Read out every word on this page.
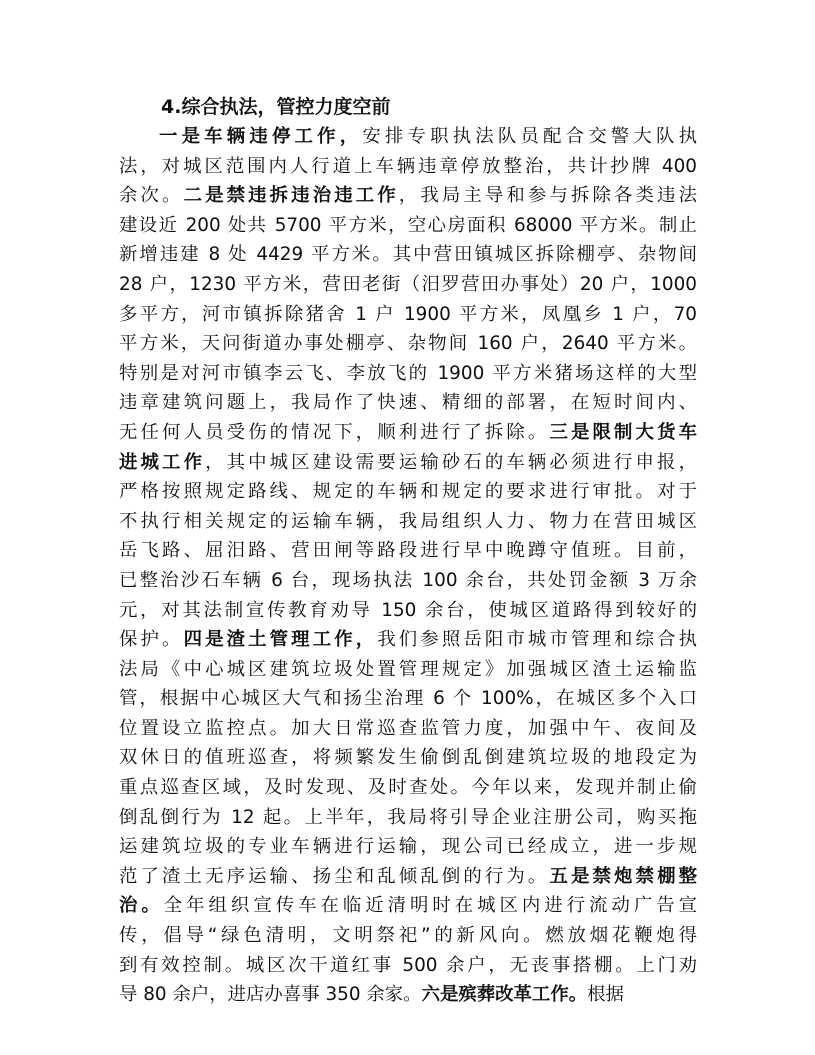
4.综合执法，管控力度空前
一是车辆违停工作，安排专职执法队员配合交警大队执
法，对城区范围内人行道上车辆违章停放整治，共计抄牌 400
余次。二是禁违拆违治违工作，我局主导和参与拆除各类违法
建设近 200 处共 5700 平方米，空心房面积 68000 平方米。制止
新增违建 8 处 4429 平方米。其中营田镇城区拆除棚亭、杂物间
28 户，1230 平方米，营田老街（汨罗营田办事处）20 户，1000
多平方，河市镇拆除猪舍 1 户 1900 平方米，凤凰乡 1 户，70
平方米，天问街道办事处棚亭、杂物间 160 户，2640 平方米。
特别是对河市镇李云飞、李放飞的 1900 平方米猪场这样的大型
违章建筑问题上，我局作了快速、精细的部署，在短时间内、
无任何人员受伤的情况下，顺利进行了拆除。三是限制大货车
进城工作，其中城区建设需要运输砂石的车辆必须进行申报，
严格按照规定路线、规定的车辆和规定的要求进行审批。对于
不执行相关规定的运输车辆，我局组织人力、物力在营田城区
岳飞路、屈汨路、营田闸等路段进行早中晚蹲守值班。目前，
已整治沙石车辆 6 台，现场执法 100 余台，共处罚金额 3 万余
元，对其法制宣传教育劝导 150 余台，使城区道路得到较好的
保护。四是渣土管理工作，我们参照岳阳市城市管理和综合执
法局《中心城区建筑垃圾处置管理规定》加强城区渣土运输监
管，根据中心城区大气和扬尘治理 6 个 100%，在城区多个入口
位置设立监控点。加大日常巡查监管力度，加强中午、夜间及
双休日的值班巡查，将频繁发生偷倒乱倒建筑垃圾的地段定为
重点巡查区域，及时发现、及时查处。今年以来，发现并制止偷
倒乱倒行为 12 起。上半年，我局将引导企业注册公司，购买拖
运建筑垃圾的专业车辆进行运输，现公司已经成立，进一步规
范了渣土无序运输、扬尘和乱倾乱倒的行为。五是禁炮禁棚整
治。全年组织宣传车在临近清明时在城区内进行流动广告宣
传，倡导“绿色清明，文明祭祀”的新风向。燃放烟花鞭炮得
到有效控制。城区次干道红事 500 余户，无丧事搭棚。上门劝
导 80 余户，进店办喜事 350 余家。六是殡葬改革工作。根据
